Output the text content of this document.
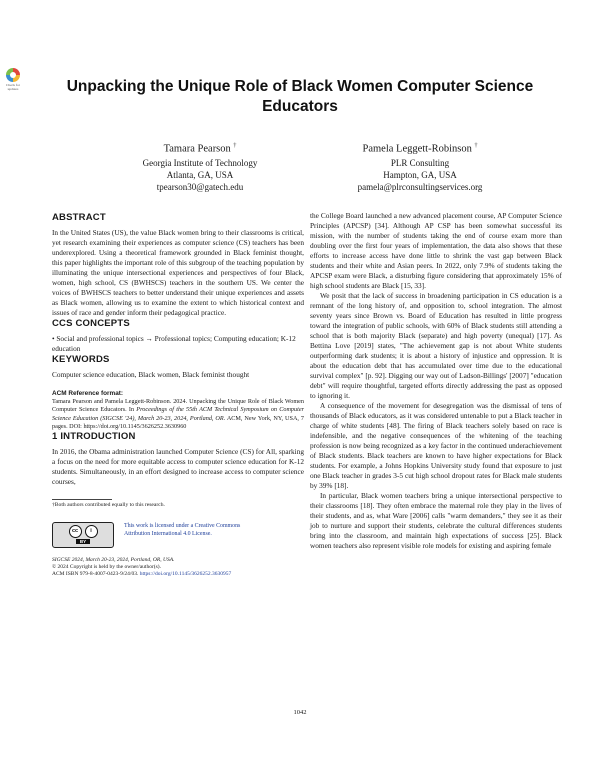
Check for updates	Unpacking the Unique Role of Black Women Computer Science Educators
Tamara Pearson †
Georgia Institute of Technology
Atlanta, GA, USA
tpearson30@gatech.edu
Pamela Leggett-Robinson †
PLR Consulting
Hampton, GA, USA
pamela@plrconsultingservices.org
ABSTRACT

In the United States (US), the value Black women bring to their classrooms is critical, yet research examining their experiences as computer science (CS) teachers has been underexplored. Using a theoretical framework grounded in Black feminist thought, this paper highlights the important role of this subgroup of the teaching population by illuminating the unique intersectional experiences and perspectives of four Black, women, high school, CS (BWHSCS) teachers in the southern US. We center the voices of BWHSCS teachers to better understand their unique experiences and assets as Black women, allowing us to examine the extent to which historical context and issues of race and gender inform their pedagogical practice.

CCS CONCEPTS

• Social and professional topics → Professional topics; Computing education; K-12 education

KEYWORDS

Computer science education, Black women, Black feminist thought

ACM Reference format:

Tamara Pearson and Pamela Leggett-Robinson. 2024. Unpacking the Unique Role of Black Women Computer Science Educators. In Proceedings of the 55th ACM Technical Symposium on Computer Science Education (SIGCSE '24), March 20-23, 2024, Portland, OR. ACM, New York, NY, USA, 7 pages. DOI: https://doi.org/10.1145/3626252.3630960

1 INTRODUCTION

In 2016, the Obama administration launched Computer Science (CS) for All, sparking a focus on the need for more equitable access to computer science education for K-12 students. Simultaneously, in an effort designed to increase access to computer science courses,

†Both authors contributed equally to this research.
cc	i
BY
This work is licensed under a Creative Commons
Attribution International 4.0 License.
SIGCSE 2024, March 20-23, 2024, Portland, OR, USA.
© 2024 Copyright is held by the owner/author(s).
ACM ISBN 979-8-4007-0423-9/24/03. https://doi.org/10.1145/3626252.3630957

the College Board launched a new advanced placement course, AP Computer Science Principles (APCSP) [34]. Although AP CSP has been somewhat successful its mission, with the number of students taking the end of course exam more than doubling over the first four years of implementation, the data also shows that these efforts to increase access have done little to shrink the vast gap between Black students and their white and Asian peers. In 2022, only 7.9% of students taking the APCSP exam were Black, a disturbing figure considering that approximately 15% of high school students are Black [15, 33].

We posit that the lack of success in broadening participation in CS education is a remnant of the long history of, and opposition to, school integration. The almost seventy years since Brown vs. Board of Education has resulted in little progress toward the integration of public schools, with 60% of Black students still attending a school that is both majority Black (separate) and high poverty (unequal) [17]. As Bettina Love [2019] states, "The achievement gap is not about White students outperforming dark students; it is about a history of injustice and oppression. It is about the education debt that has accumulated over time due to the educational survival complex" [p. 92]. Digging our way out of Ladson-Billings' [2007] "education debt" will require thoughtful, targeted efforts directly addressing the past as opposed to ignoring it.

A consequence of the movement for desegregation was the dismissal of tens of thousands of Black educators, as it was considered untenable to put a Black teacher in charge of white students [48]. The firing of Black teachers solely based on race is indefensible, and the negative consequences of the whitening of the teaching profession is now being recognized as a key factor in the continued underachievement of Black students. Black teachers are known to have higher expectations for Black students. For example, a Johns Hopkins University study found that exposure to just one Black teacher in grades 3-5 cut high school dropout rates for Black male students by 39% [18].

In particular, Black women teachers bring a unique intersectional perspective to their classrooms [18]. They often embrace the maternal role they play in the lives of their students, and as, what Ware [2006] calls "warm demanders," they see it as their job to nurture and support their students, celebrate the cultural differences students bring into the classroom, and maintain high expectations of success [25]. Black women teachers also represent visible role models for existing and aspiring female

1042
